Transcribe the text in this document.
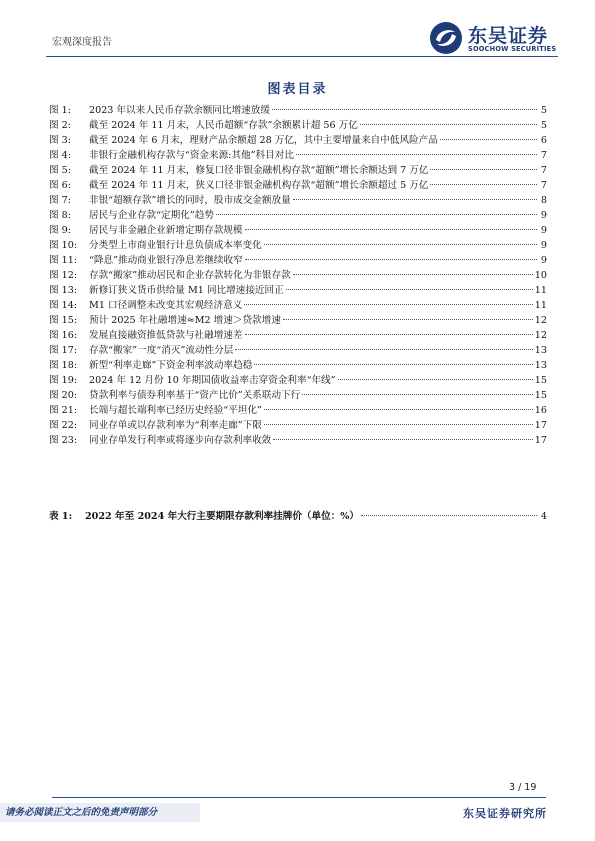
宏观深度报告	东吴证券
SOOCHOW SECURITIES
图表目录
图 1:	2023 年以来人民币存款余额同比增速放缓	5
图 2:	截至 2024 年 11 月末，人民币超额“存款”余额累计超 56 万亿	5
图 3:	截至 2024 年 6 月末，理财产品余额超 28 万亿，其中主要增量来自中低风险产品	6
图 4:	非银行金融机构存款与“资金来源:其他”科目对比	7
图 5:	截至 2024 年 11 月末，修复口径非银金融机构存款“超额”增长余额达到 7 万亿	7
图 6:	截至 2024 年 11 月末，狭义口径非银金融机构存款“超额”增长余额超过 5 万亿	7
图 7:	非银“超额存款”增长的同时，股市成交金额放量	8
图 8:	居民与企业存款“定期化”趋势	9
图 9:	居民与非金融企业新增定期存款规模	9
图 10:	分类型上市商业银行计息负债成本率变化	9
图 11:	“降息”推动商业银行净息差继续收窄	9
图 12:	存款“搬家”推动居民和企业存款转化为非银存款	10
图 13:	新修订狭义货币供给量 M1 同比增速接近回正	11
图 14:	M1 口径调整未改变其宏观经济意义	11
图 15:	预计 2025 年社融增速≈M2 增速＞贷款增速	12
图 16:	发展直接融资推低贷款与社融增速差	12
图 17:	存款“搬家”一度“消灭”流动性分层	13
图 18:	新型“利率走廊”下资金利率波动率趋稳	13
图 19:	2024 年 12 月份 10 年期国债收益率击穿资金利率“年线”	15
图 20:	贷款利率与债券利率基于“资产比价”关系联动下行	15
图 21:	长端与超长端利率已经历史经验“平坦化”	16
图 22:	同业存单或以存款利率为“利率走廊”下限	17
图 23:	同业存单发行利率或将逐步向存款利率收敛	17
表 1:	2022 年至 2024 年大行主要期限存款利率挂牌价（单位：%）	4
3 / 19
请务必阅读正文之后的免责声明部分	东吴证券研究所
